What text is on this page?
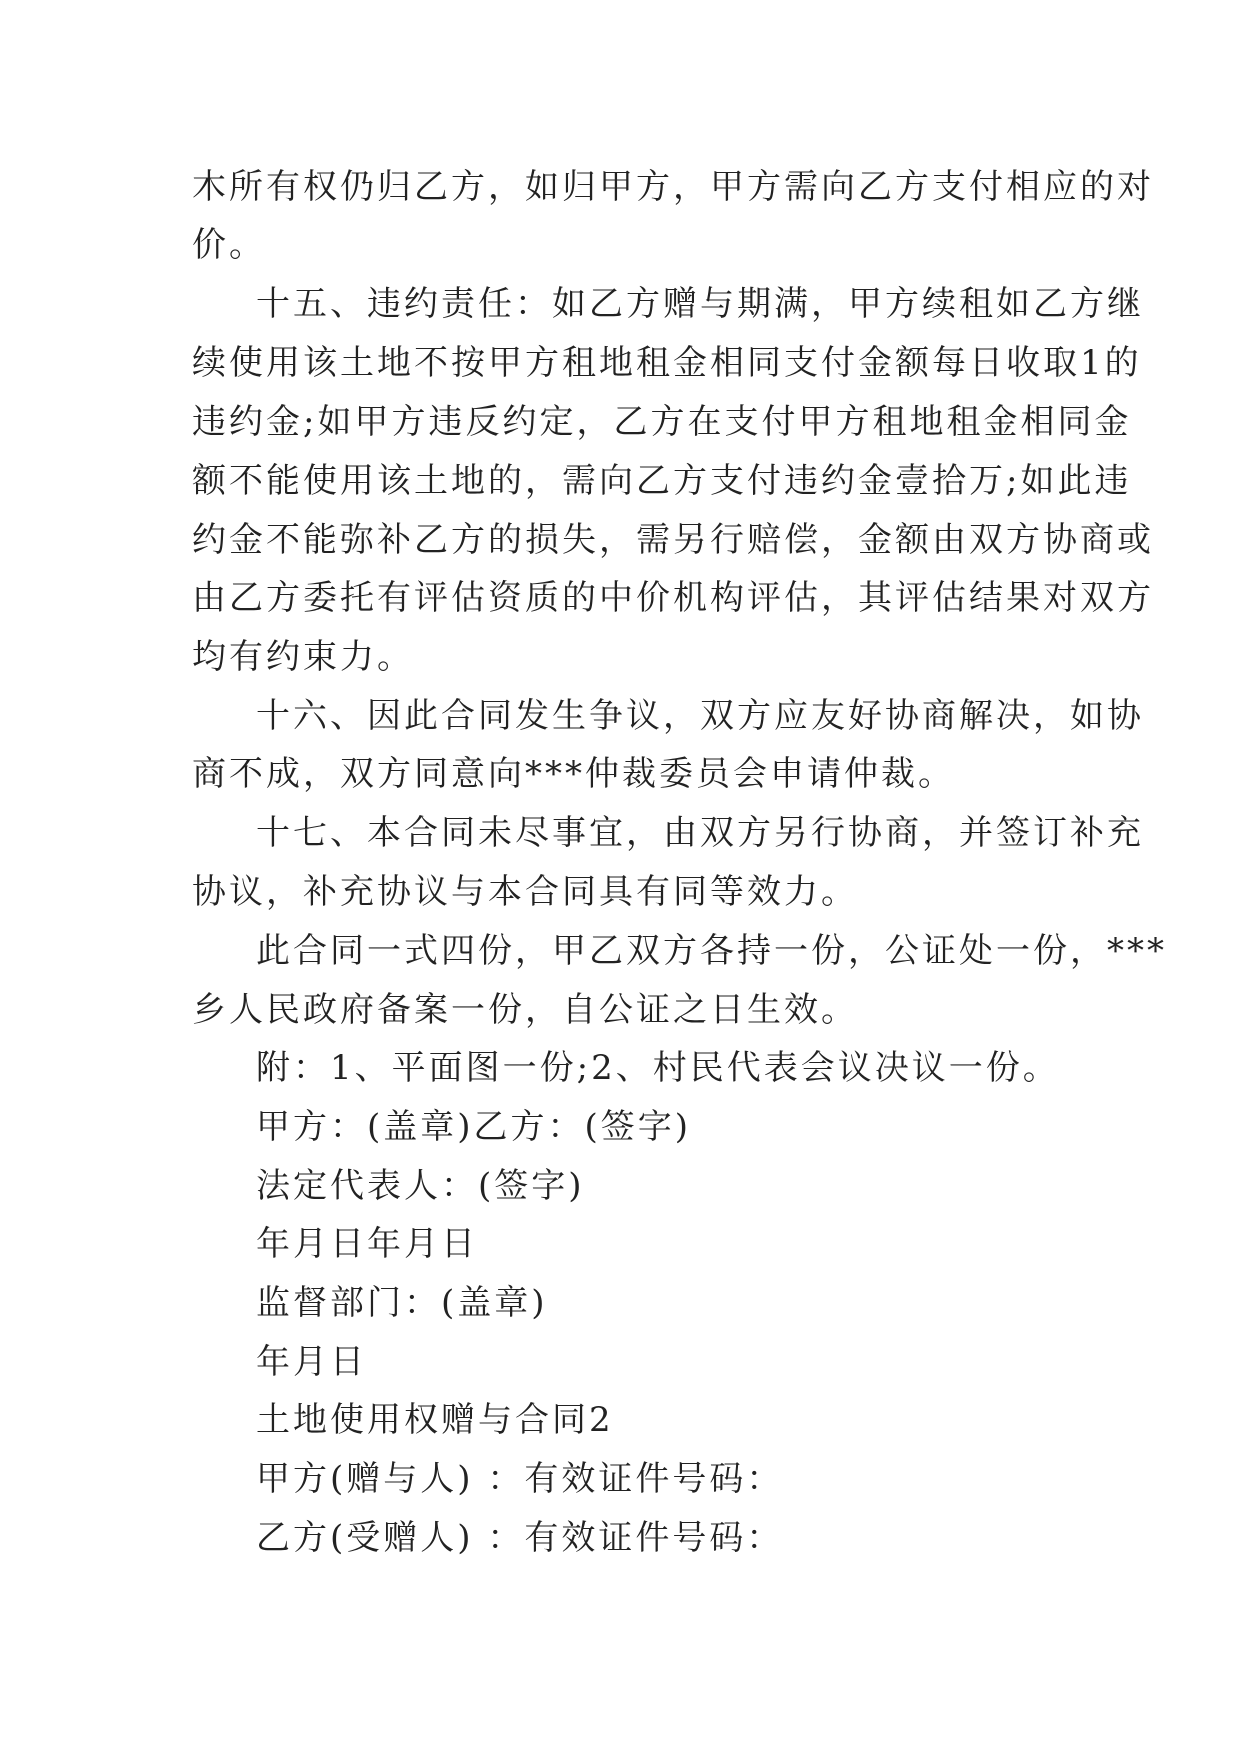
木所有权仍归乙方，如归甲方，甲方需向乙方支付相应的对
价。
十五、违约责任：如乙方赠与期满，甲方续租如乙方继
续使用该土地不按甲方租地租金相同支付金额每日收取1的
违约金;如甲方违反约定，乙方在支付甲方租地租金相同金
额不能使用该土地的，需向乙方支付违约金壹拾万;如此违
约金不能弥补乙方的损失，需另行赔偿，金额由双方协商或
由乙方委托有评估资质的中价机构评估，其评估结果对双方
均有约束力。
十六、因此合同发生争议，双方应友好协商解决，如协
商不成，双方同意向***仲裁委员会申请仲裁。
十七、本合同未尽事宜，由双方另行协商，并签订补充
协议，补充协议与本合同具有同等效力。
此合同一式四份，甲乙双方各持一份，公证处一份，***
乡人民政府备案一份，自公证之日生效。
附：1、平面图一份;2、村民代表会议决议一份。
甲方：(盖章)乙方：(签字)
法定代表人：(签字)
年月日年月日
监督部门：(盖章)
年月日
土地使用权赠与合同2
甲方(赠与人) ：有效证件号码：
乙方(受赠人) ：有效证件号码：
